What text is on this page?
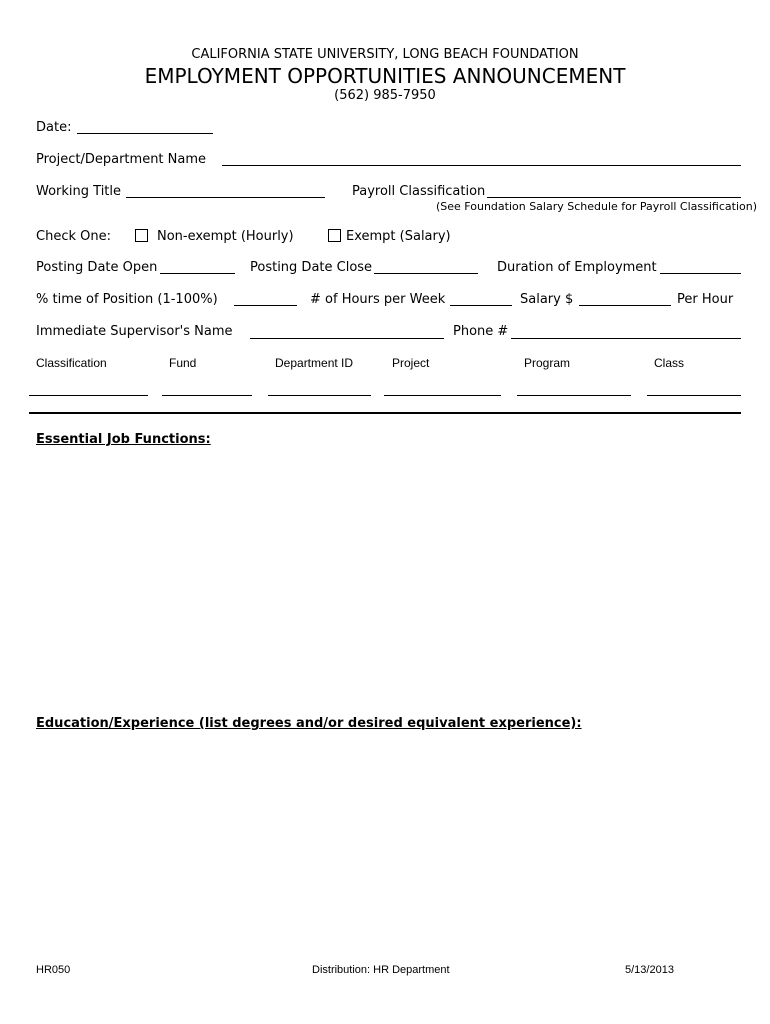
CALIFORNIA STATE UNIVERSITY, LONG BEACH FOUNDATION
EMPLOYMENT OPPORTUNITIES ANNOUNCEMENT
(562) 985-7950
Date:
Project/Department Name
Working Title	Payroll Classification
(See Foundation Salary Schedule for Payroll Classification)
Check One:	Non-exempt (Hourly)	Exempt (Salary)
Posting Date Open	Posting Date Close	Duration of Employment
% time of Position (1-100%)	# of Hours per Week	Salary $	Per Hour
Immediate Supervisor's Name	Phone #
Classification	Fund	Department ID	Project	Program	Class
Essential Job Functions:
Education/Experience (list degrees and/or desired equivalent experience):
HR050	Distribution: HR Department	5/13/2013
